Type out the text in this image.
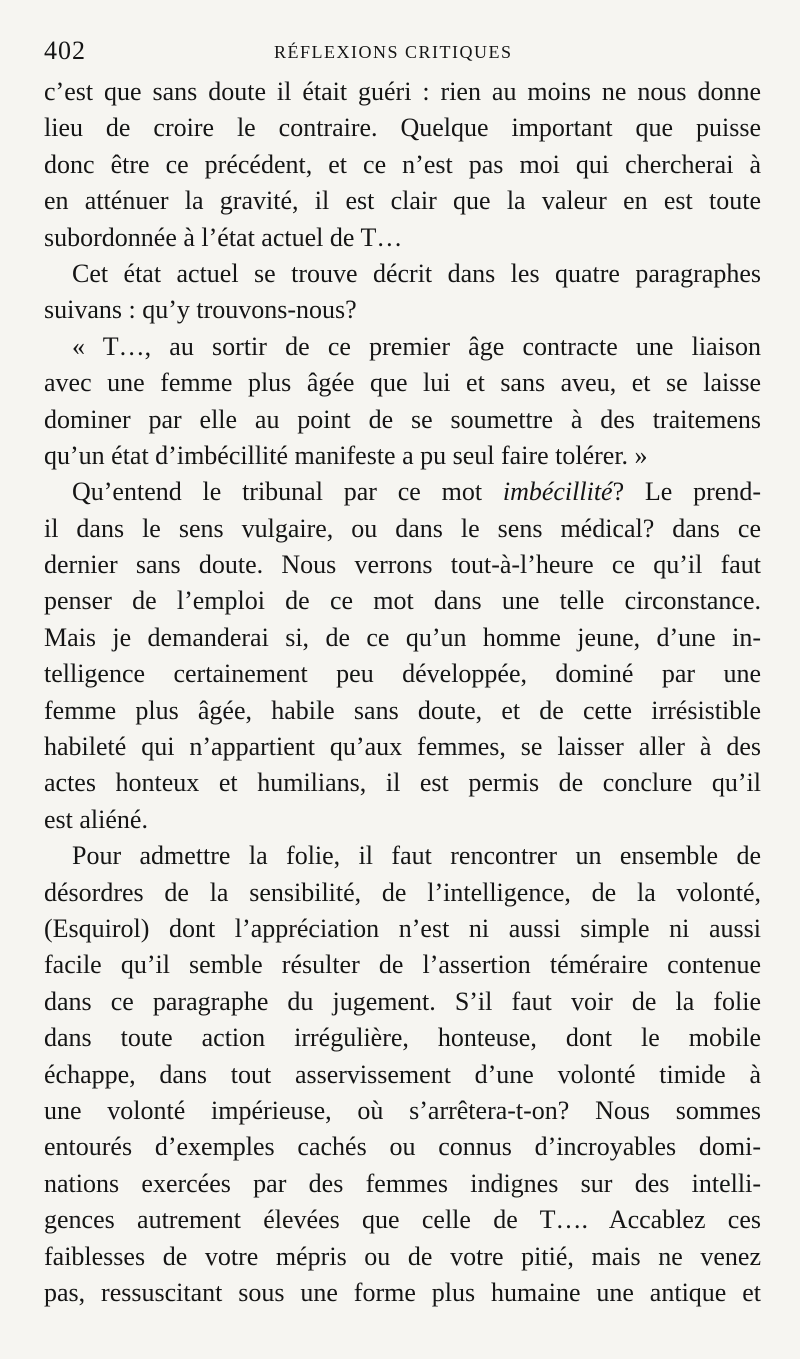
402	RÉFLEXIONS CRITIQUES
c’est que sans doute il était guéri : rien au moins ne nous donne
lieu de croire le contraire. Quelque important que puisse
donc être ce précédent, et ce n’est pas moi qui chercherai à
en atténuer la gravité, il est clair que la valeur en est toute
subordonnée à l’état actuel de T…
Cet état actuel se trouve décrit dans les quatre paragraphes
suivans : qu’y trouvons-nous?
« T…, au sortir de ce premier âge contracte une liaison
avec une femme plus âgée que lui et sans aveu, et se laisse
dominer par elle au point de se soumettre à des traitemens
qu’un état d’imbécillité manifeste a pu seul faire tolérer. »
Qu’entend le tribunal par ce mot imbécillité? Le prend-
il dans le sens vulgaire, ou dans le sens médical? dans ce
dernier sans doute. Nous verrons tout-à-l’heure ce qu’il faut
penser de l’emploi de ce mot dans une telle circonstance.
Mais je demanderai si, de ce qu’un homme jeune, d’une in-
telligence certainement peu développée, dominé par une
femme plus âgée, habile sans doute, et de cette irrésistible
habileté qui n’appartient qu’aux femmes, se laisser aller à des
actes honteux et humilians, il est permis de conclure qu’il
est aliéné.
Pour admettre la folie, il faut rencontrer un ensemble de
désordres de la sensibilité, de l’intelligence, de la volonté,
(Esquirol) dont l’appréciation n’est ni aussi simple ni aussi
facile qu’il semble résulter de l’assertion téméraire contenue
dans ce paragraphe du jugement. S’il faut voir de la folie
dans toute action irrégulière, honteuse, dont le mobile
échappe, dans tout asservissement d’une volonté timide à
une volonté impérieuse, où s’arrêtera-t-on? Nous sommes
entourés d’exemples cachés ou connus d’incroyables domi-
nations exercées par des femmes indignes sur des intelli-
gences autrement élevées que celle de T…. Accablez ces
faiblesses de votre mépris ou de votre pitié, mais ne venez
pas, ressuscitant sous une forme plus humaine une antique et
